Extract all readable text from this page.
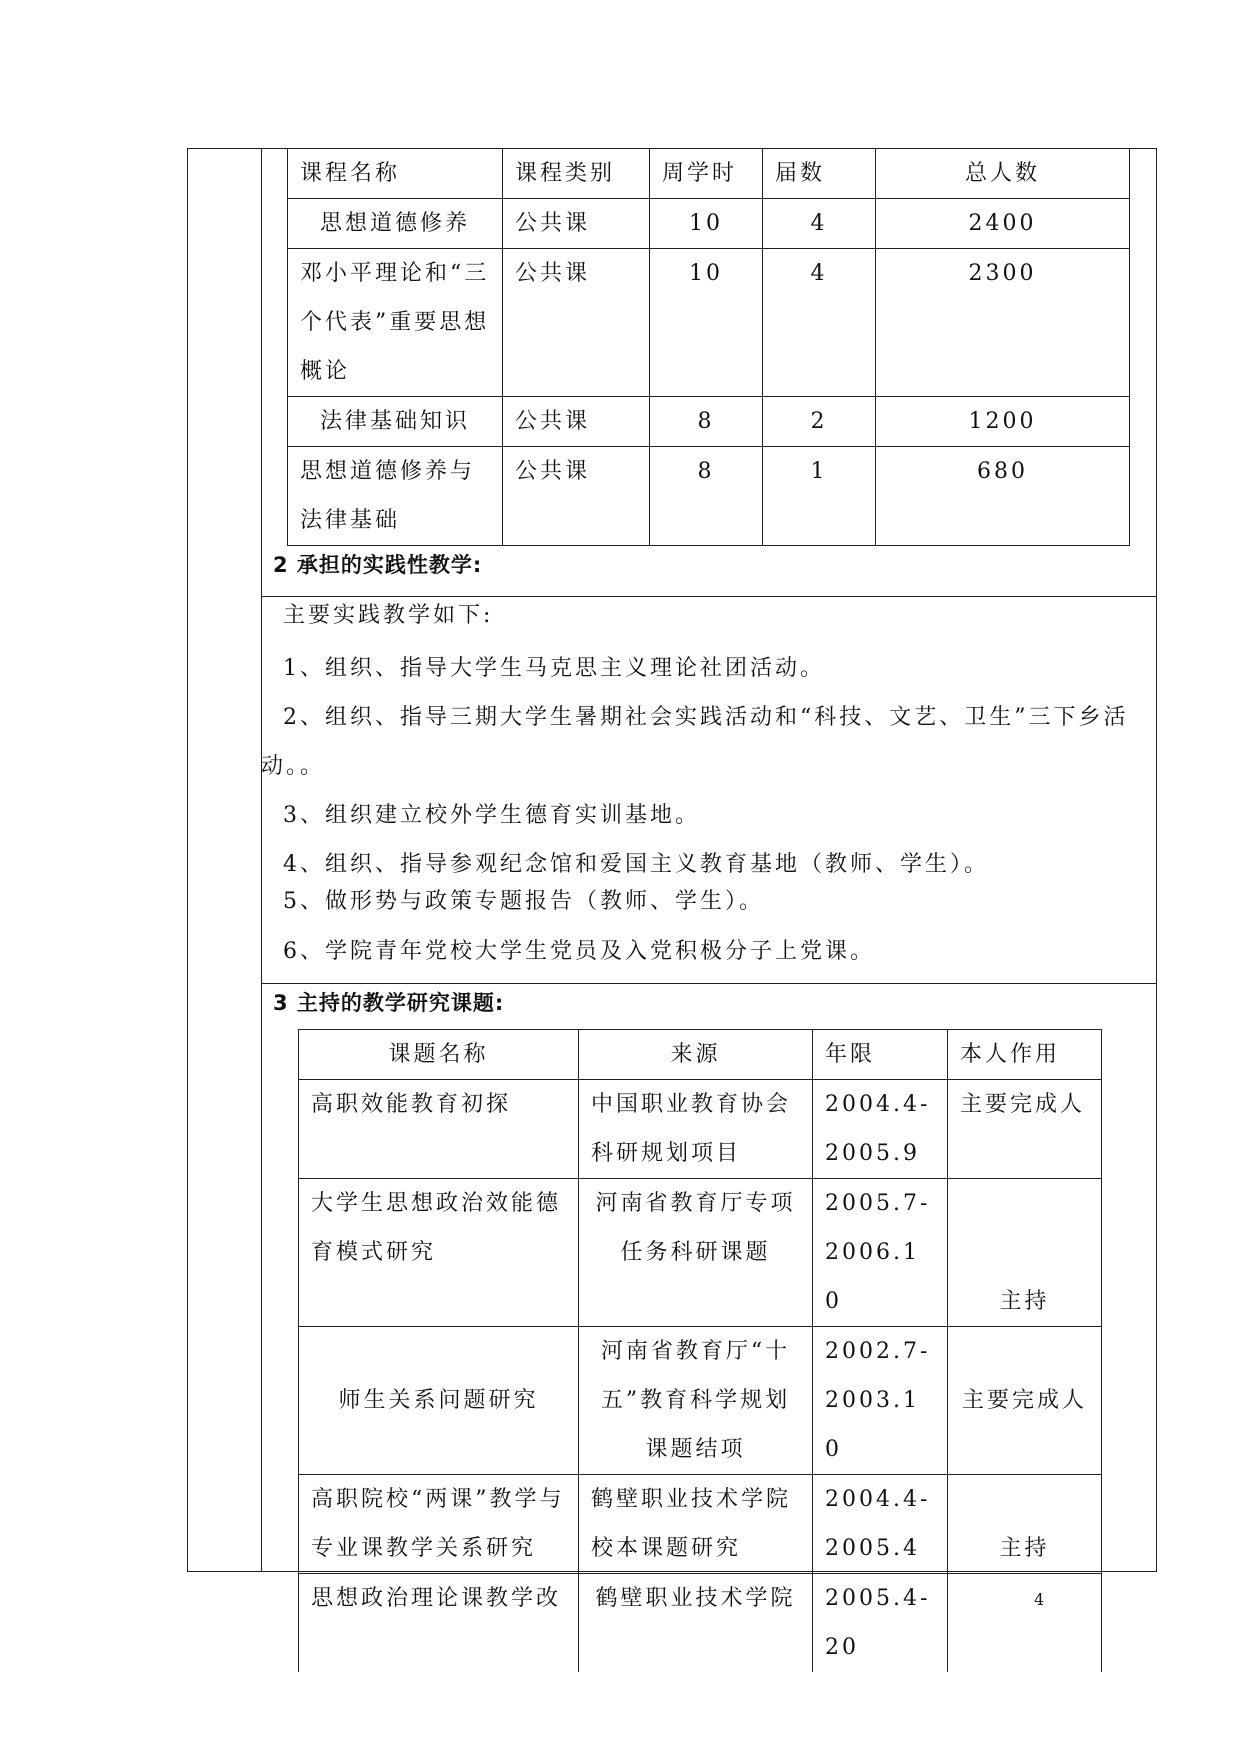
课程名称	课程类别	周学时	届数	总人数
思想道德修养	公共课	10	4	2400
邓小平理论和“三个代表”重要思想概论	公共课	10	4	2300
法律基础知识	公共课	8	2	1200
思想道德修养与法律基础	公共课	8	1	680
2 承担的实践性教学:
主要实践教学如下:
1、组织、指导大学生马克思主义理论社团活动。
2、组织、指导三期大学生暑期社会实践活动和“科技、文艺、卫生”三下乡活
动。。
3、组织建立校外学生德育实训基地。
4、组织、指导参观纪念馆和爱国主义教育基地（教师、学生）。
5、做形势与政策专题报告（教师、学生）。
6、学院青年党校大学生党员及入党积极分子上党课。
3 主持的教学研究课题:
课题名称	来源	年限	本人作用
高职效能教育初探	中国职业教育协会科研规划项目	2004.4-2005.9	主要完成人
大学生思想政治效能德育模式研究	河南省教育厅专项任务科研课题	2005.7-2006.10	主持
师生关系问题研究	河南省教育厅“十五”教育科学规划课题结项	2002.7-2003.10	主要完成人
高职院校“两课”教学与专业课教学关系研究	鹤壁职业技术学院校本课题研究	2004.4-2005.4	主持
思想政治理论课教学改	鹤壁职业技术学院	2005.4-20	
4
